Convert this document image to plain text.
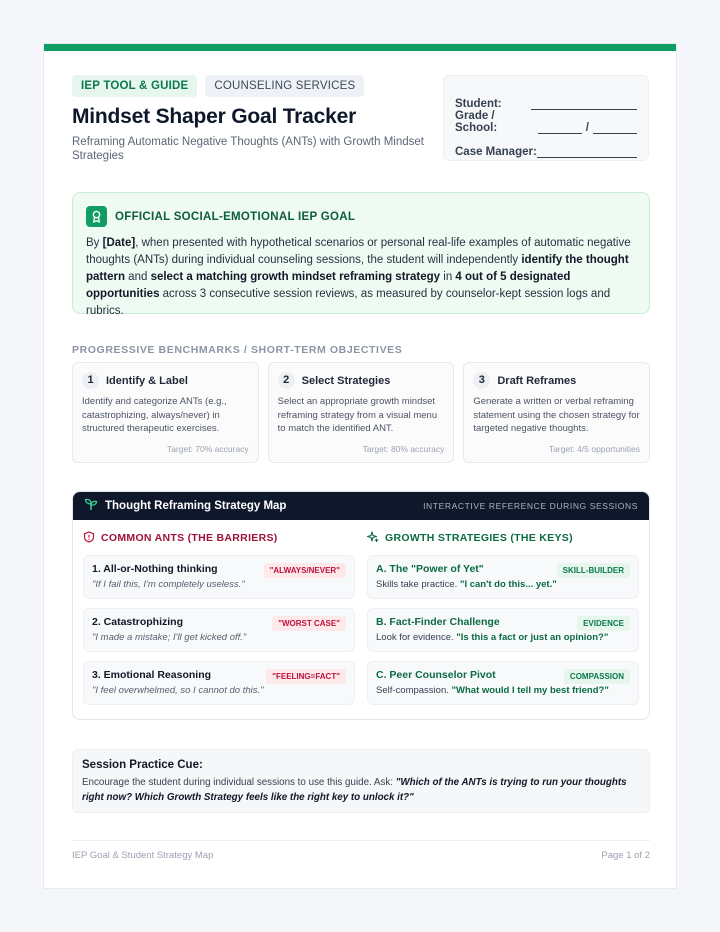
IEP TOOL & GUIDE	COUNSELING SERVICES
Mindset Shaper Goal Tracker
Reframing Automatic Negative Thoughts (ANTs) with Growth Mindset Strategies
Student:
Grade / School:	/
Case Manager:
OFFICIAL SOCIAL-EMOTIONAL IEP GOAL
By [Date], when presented with hypothetical scenarios or personal real-life examples of automatic negative thoughts (ANTs) during individual counseling sessions, the student will independently identify the thought pattern and select a matching growth mindset reframing strategy in 4 out of 5 designated opportunities across 3 consecutive session reviews, as measured by counselor-kept session logs and rubrics.
PROGRESSIVE BENCHMARKS / SHORT-TERM OBJECTIVES
1	Identify & Label
Identify and categorize ANTs (e.g., catastrophizing, always/never) in structured therapeutic exercises.
Target: 70% accuracy
2	Select Strategies
Select an appropriate growth mindset reframing strategy from a visual menu to match the identified ANT.
Target: 80% accuracy
3	Draft Reframes
Generate a written or verbal reframing statement using the chosen strategy for targeted negative thoughts.
Target: 4/5 opportunities
Thought Reframing Strategy Map	INTERACTIVE REFERENCE DURING SESSIONS
COMMON ANTS (THE BARRIERS)
1. All-or-Nothing thinking	"ALWAYS/NEVER"
"If I fail this, I'm completely useless."
2. Catastrophizing	"WORST CASE"
"I made a mistake; I'll get kicked off."
3. Emotional Reasoning	"FEELING=FACT"
"I feel overwhelmed, so I cannot do this."
GROWTH STRATEGIES (THE KEYS)
A. The "Power of Yet"	SKILL-BUILDER
Skills take practice. "I can't do this... yet."
B. Fact-Finder Challenge	EVIDENCE
Look for evidence. "Is this a fact or just an opinion?"
C. Peer Counselor Pivot	COMPASSION
Self-compassion. "What would I tell my best friend?"
Session Practice Cue:
Encourage the student during individual sessions to use this guide. Ask: "Which of the ANTs is trying to run your thoughts right now? Which Growth Strategy feels like the right key to unlock it?"
IEP Goal & Student Strategy Map	Page 1 of 2
